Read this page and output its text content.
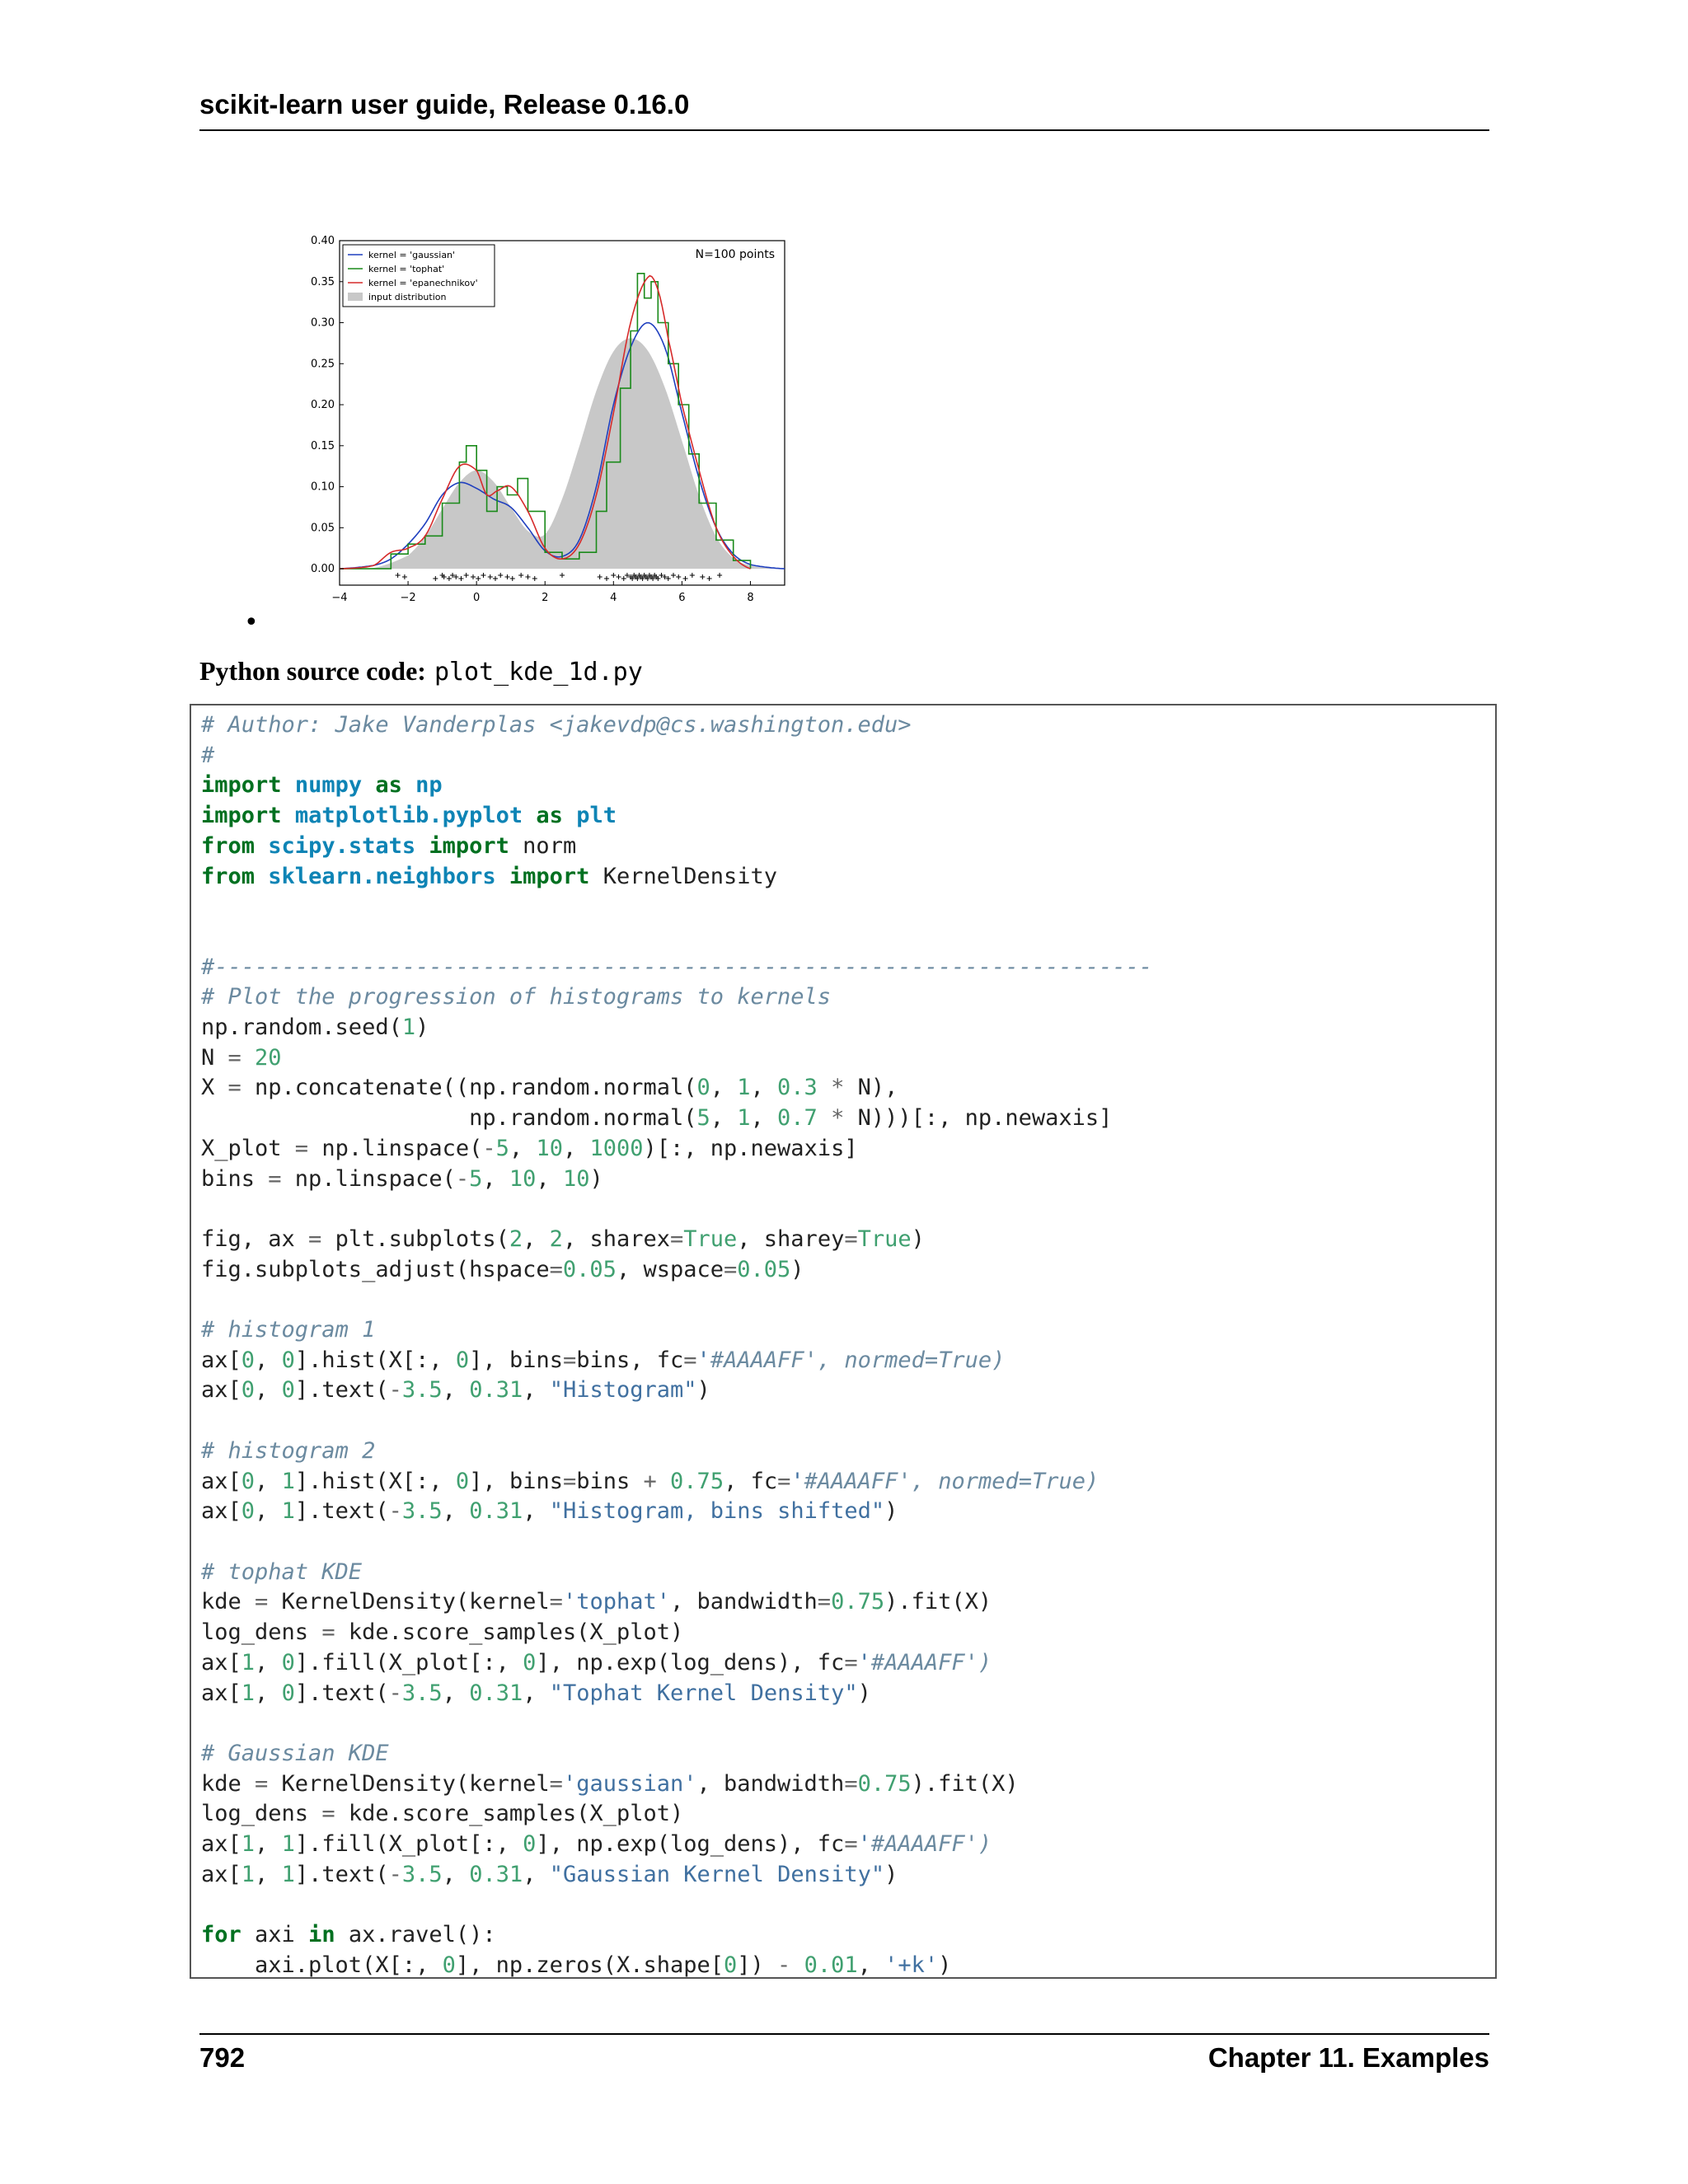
scikit-learn user guide, Release 0.16.0
−4	−2	0	2	4	6	8
0.00
0.05
0.10
0.15
0.20
0.25
0.30
0.35
0.40
N=100 points
kernel = 'gaussian'
kernel = 'tophat'
kernel = 'epanechnikov'
input distribution
•
Python source code: plot_kde_1d.py
# Author: Jake Vanderplas <jakevdp@cs.washington.edu>
#
import numpy as np
import matplotlib.pyplot as plt
from scipy.stats import norm
from sklearn.neighbors import KernelDensity

#----------------------------------------------------------------------
# Plot the progression of histograms to kernels
np.random.seed(1)
N = 20
X = np.concatenate((np.random.normal(0, 1, 0.3 * N),
np.random.normal(5, 1, 0.7 * N)))[:, np.newaxis]
X_plot = np.linspace(-5, 10, 1000)[:, np.newaxis]
bins = np.linspace(-5, 10, 10)

fig, ax = plt.subplots(2, 2, sharex=True, sharey=True)
fig.subplots_adjust(hspace=0.05, wspace=0.05)

# histogram 1
ax[0, 0].hist(X[:, 0], bins=bins, fc='#AAAAFF', normed=True)
ax[0, 0].text(-3.5, 0.31, "Histogram")

# histogram 2
ax[0, 1].hist(X[:, 0], bins=bins + 0.75, fc='#AAAAFF', normed=True)
ax[0, 1].text(-3.5, 0.31, "Histogram, bins shifted")

# tophat KDE
kde = KernelDensity(kernel='tophat', bandwidth=0.75).fit(X)
log_dens = kde.score_samples(X_plot)
ax[1, 0].fill(X_plot[:, 0], np.exp(log_dens), fc='#AAAAFF')
ax[1, 0].text(-3.5, 0.31, "Tophat Kernel Density")

# Gaussian KDE
kde = KernelDensity(kernel='gaussian', bandwidth=0.75).fit(X)
log_dens = kde.score_samples(X_plot)
ax[1, 1].fill(X_plot[:, 0], np.exp(log_dens), fc='#AAAAFF')
ax[1, 1].text(-3.5, 0.31, "Gaussian Kernel Density")

for axi in ax.ravel():
axi.plot(X[:, 0], np.zeros(X.shape[0]) - 0.01, '+k')
792	Chapter 11. Examples
